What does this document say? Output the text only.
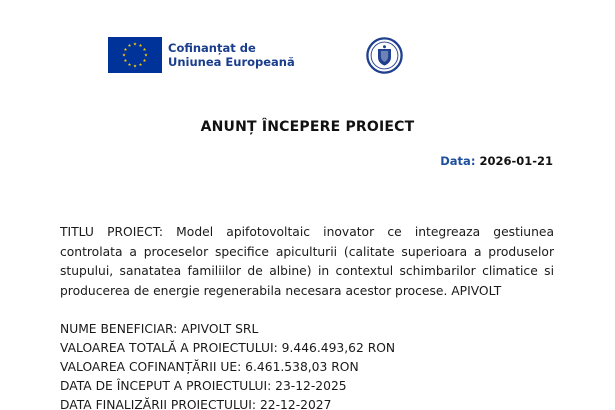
Cofinanțat de
Uniunea Europeană
ANUNȚ ÎNCEPERE PROIECT
Data: 2026-01-21
TITLU PROIECT: Model apifotovoltaic inovator ce integreaza gestiunea controlata a proceselor specifice apiculturii (calitate superioara a produselor stupului, sanatatea familiilor de albine) in contextul schimbarilor climatice si producerea de energie regenerabila necesara acestor procese. APIVOLT
NUME BENEFICIAR: APIVOLT SRL
VALOAREA TOTALĂ A PROIECTULUI: 9.446.493,62 RON
VALOAREA COFINANȚĂRII UE: 6.461.538,03 RON
DATA DE ÎNCEPUT A PROIECTULUI: 23-12-2025
DATA FINALIZĂRII PROIECTULUI: 22-12-2027
